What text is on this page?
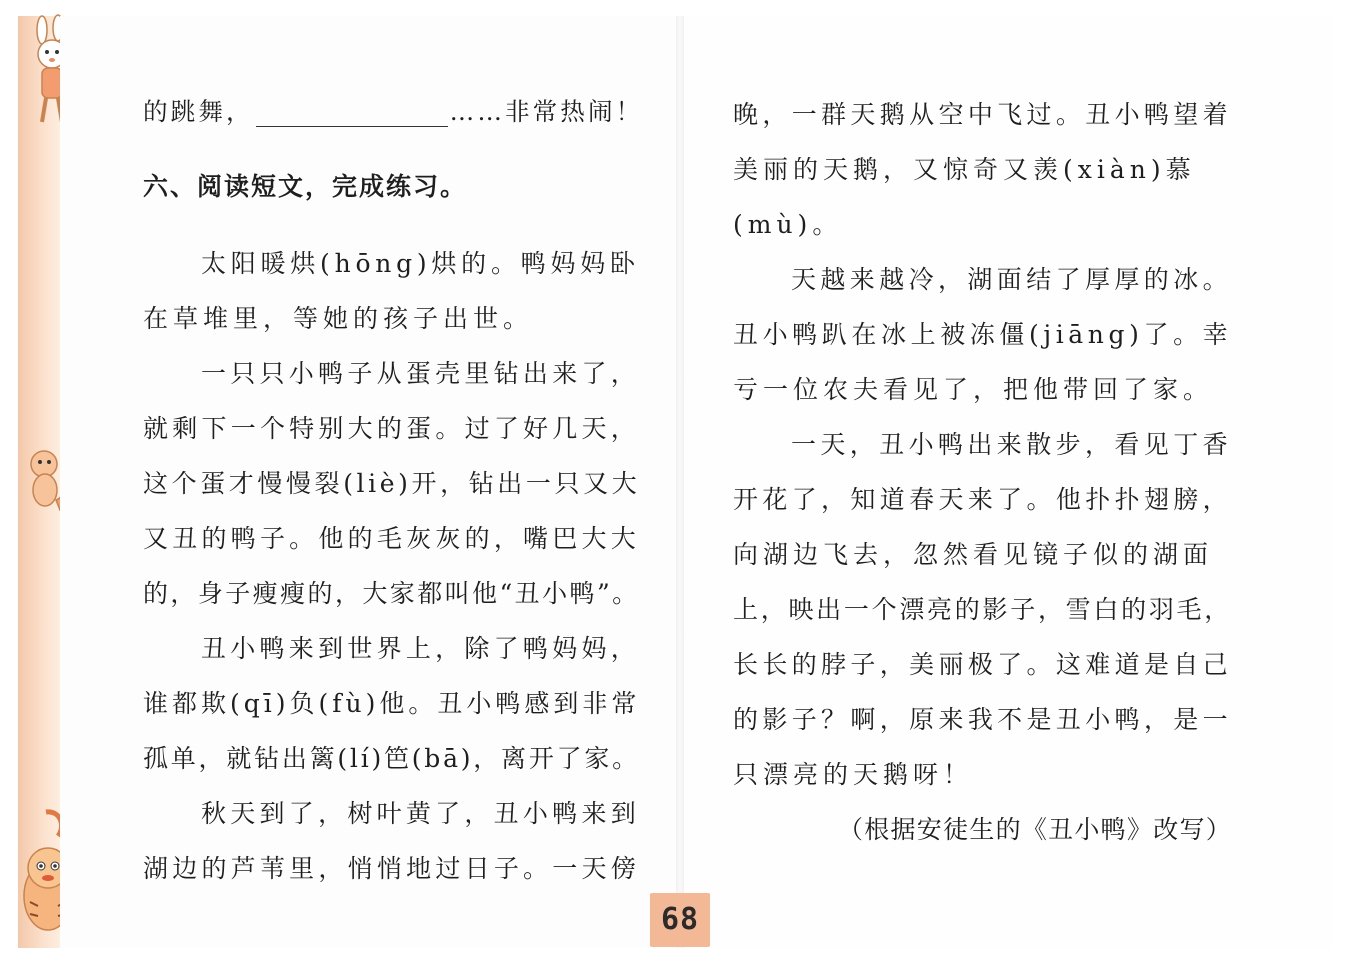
的跳舞，	……非常热闹！
六、阅读短文，完成练习。
太阳暖烘(hōng)烘的。鸭妈妈卧
在草堆里，等她的孩子出世。
一只只小鸭子从蛋壳里钻出来了，
就剩下一个特别大的蛋。过了好几天，
这个蛋才慢慢裂(liè)开，钻出一只又大
又丑的鸭子。他的毛灰灰的，嘴巴大大
的，身子瘦瘦的，大家都叫他“丑小鸭”。
丑小鸭来到世界上，除了鸭妈妈，
谁都欺(qī)负(fù)他。丑小鸭感到非常
孤单，就钻出篱(lí)笆(bā)，离开了家。
秋天到了，树叶黄了，丑小鸭来到
湖边的芦苇里，悄悄地过日子。一天傍
晚，一群天鹅从空中飞过。丑小鸭望着
美丽的天鹅，又惊奇又羡(xiàn)慕
(mù)。
天越来越冷，湖面结了厚厚的冰。
丑小鸭趴在冰上被冻僵(jiāng)了。幸
亏一位农夫看见了，把他带回了家。
一天，丑小鸭出来散步，看见丁香
开花了，知道春天来了。他扑扑翅膀，
向湖边飞去，忽然看见镜子似的湖面
上，映出一个漂亮的影子，雪白的羽毛，
长长的脖子，美丽极了。这难道是自己
的影子？啊，原来我不是丑小鸭，是一
只漂亮的天鹅呀！
（根据安徒生的《丑小鸭》改写）
68
